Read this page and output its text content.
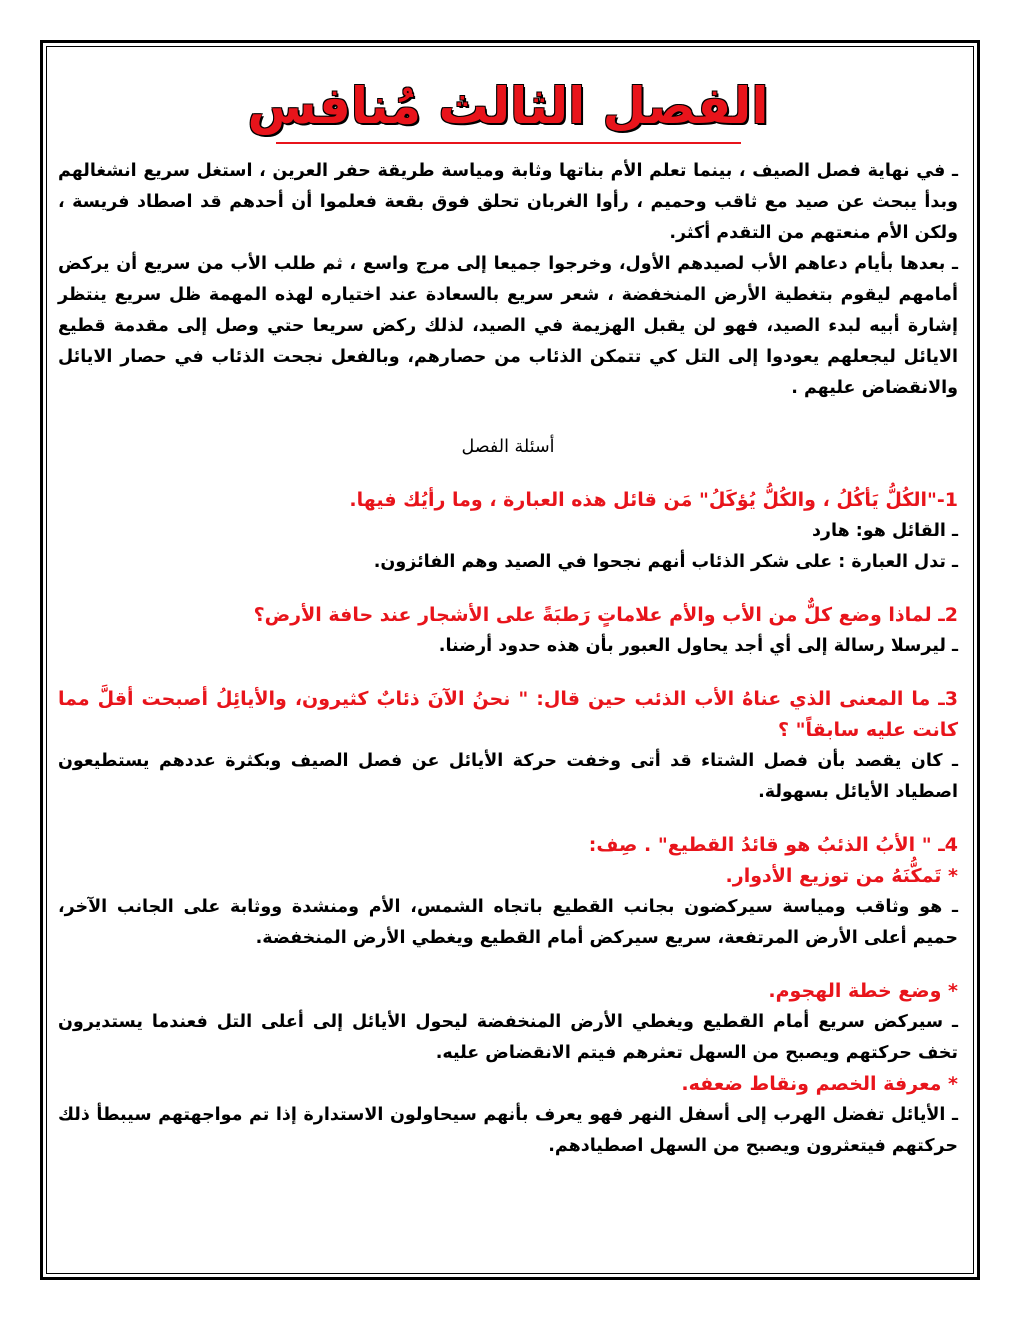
الفصل الثالث مُنافس

ـ في نهاية فصل الصيف ، بينما تعلم الأم بناتها وثابة ومياسة طريقة حفر العرين ، استغل سريع انشغالهم وبدأ يبحث عن صيد مع ثاقب وحميم ، رأوا الغربان تحلق فوق بقعة فعلموا أن أحدهم قد اصطاد فريسة ، ولكن الأم منعتهم من التقدم أكثر.

ـ بعدها بأيام دعاهم الأب لصيدهم الأول، وخرجوا جميعا إلى مرج واسع ، ثم طلب الأب من سريع أن يركض أمامهم ليقوم بتغطية الأرض المنخفضة ، شعر سريع بالسعادة عند اختياره لهذه المهمة ظل سريع ينتظر إشارة أبيه لبدء الصيد، فهو لن يقبل الهزيمة في الصيد، لذلك ركض سريعا حتي وصل إلى مقدمة قطيع الايائل ليجعلهم يعودوا إلى التل كي تتمكن الذئاب من حصارهم، وبالفعل نجحت الذئاب في حصار الايائل والانقضاض عليهم .

أسئلة الفصل

1-"الكُلُّ يَأكُلُ ، والكُلُّ يُؤكَلُ" مَن قائل هذه العبارة ، وما رأيُك فيها.

ـ القائل هو: هارد

ـ تدل العبارة : على شكر الذئاب أنهم نجحوا في الصيد وهم الفائزون.

2ـ لماذا وضع كلٌّ من الأب والأم علاماتٍ رَطبَةً على الأشجار عند حافة الأرض؟

ـ ليرسلا رسالة إلى أي أجد يحاول العبور بأن هذه حدود أرضنا.

3ـ ما المعنى الذي عناهُ الأب الذئب حين قال: " نحنُ الآنَ ذئابٌ كثيرون، والأيائِلُ أصبحت أقلَّ مما كانت عليه سابقاً" ؟

ـ كان يقصد بأن فصل الشتاء قد أتى وخفت حركة الأيائل عن فصل الصيف وبكثرة عددهم يستطيعون اصطياد الأيائل بسهولة.

4ـ " الأبُ الذئبُ هو قائدُ القطيع" . صِف:

* تَمكُّنَهُ من توزيع الأدوار.

ـ هو وثاقب ومياسة سيركضون بجانب القطيع باتجاه الشمس، الأم ومنشدة ووثابة على الجانب الآخر، حميم أعلى الأرض المرتفعة، سريع سيركض أمام القطيع ويغطي الأرض المنخفضة.

* وضع خطة الهجوم.

ـ سيركض سريع أمام القطيع ويغطي الأرض المنخفضة ليحول الأيائل إلى أعلى التل فعندما يستديرون تخف حركتهم ويصبح من السهل تعثرهم فيتم الانقضاض عليه.

* معرفة الخصم ونقاط ضعفه.

ـ الأيائل تفضل الهرب إلى أسفل النهر فهو يعرف بأنهم سيحاولون الاستدارة إذا تم مواجهتهم سيبطأ ذلك حركتهم فيتعثرون ويصبح من السهل اصطيادهم.
